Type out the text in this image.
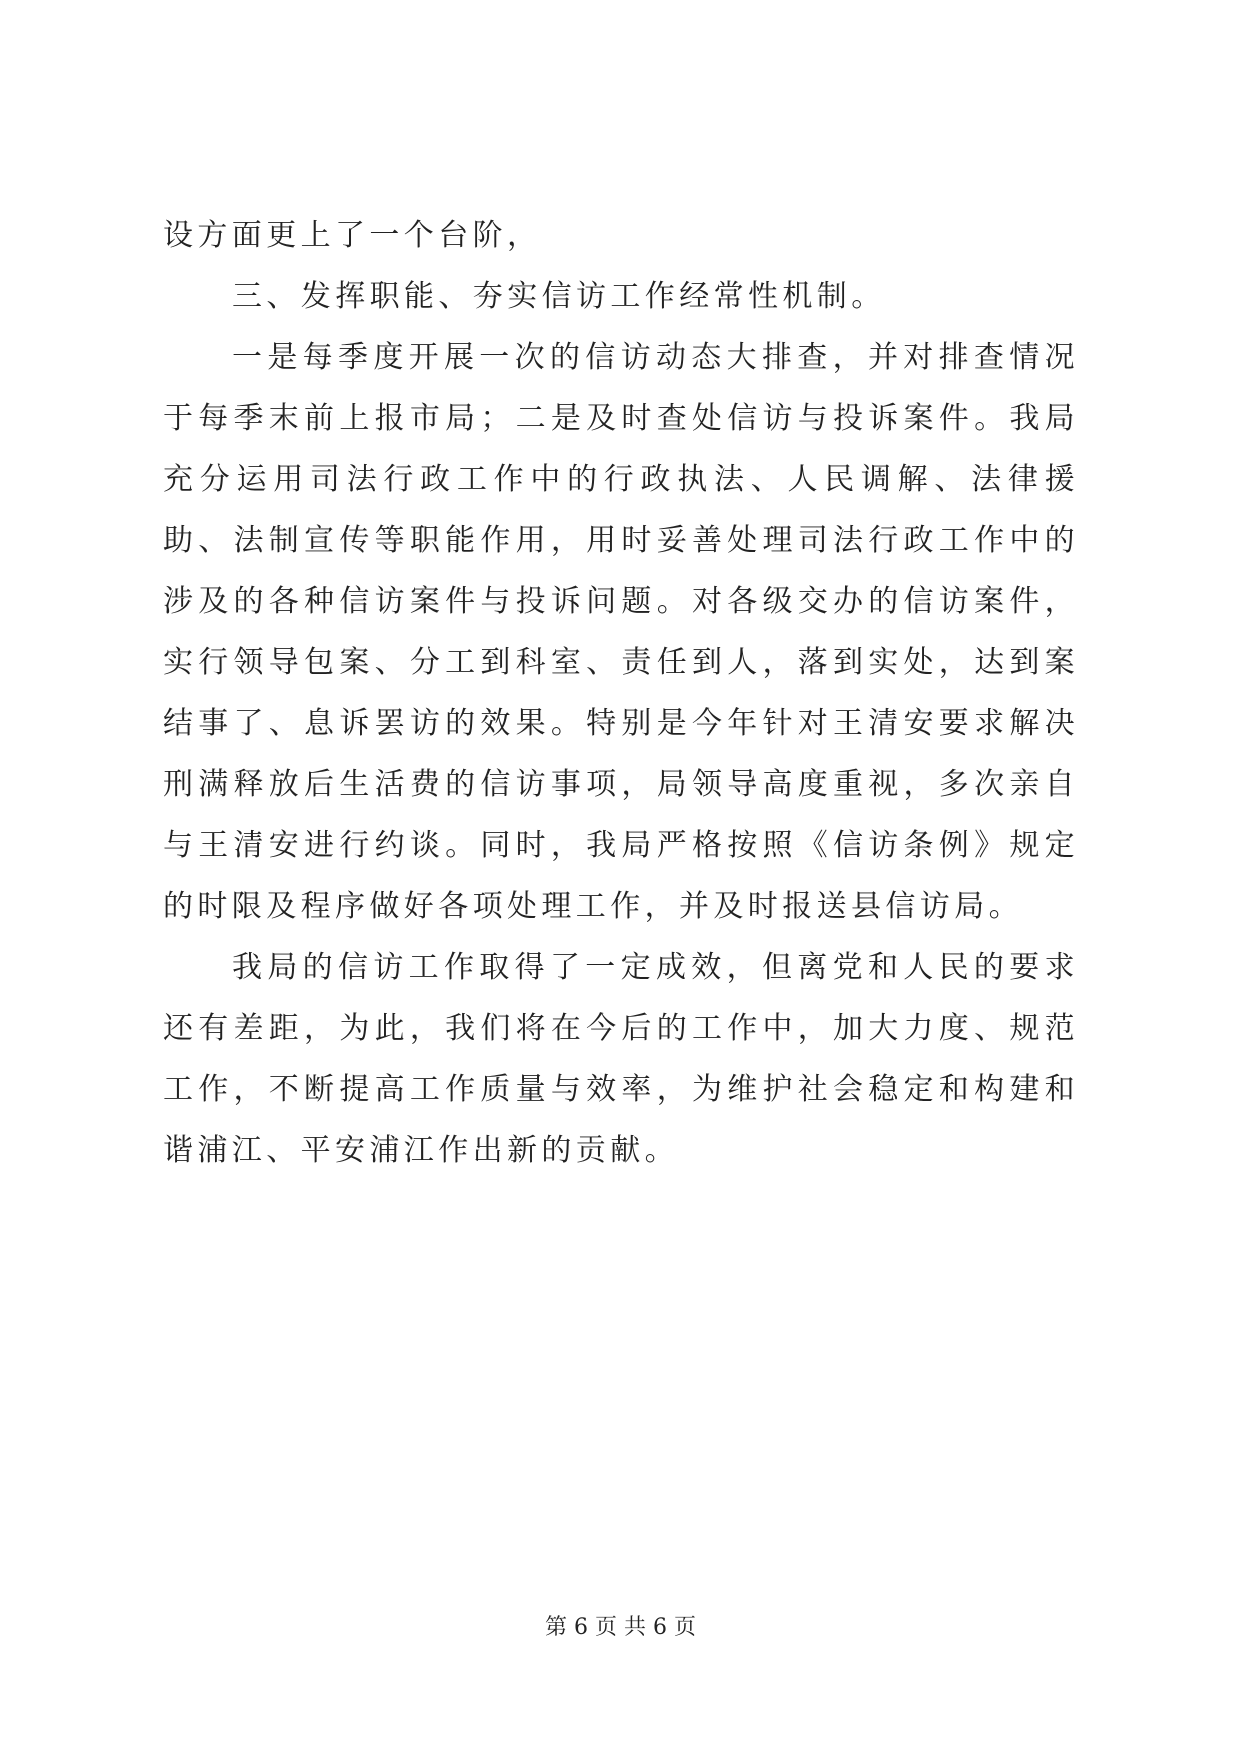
设方面更上了一个台阶，

三、发挥职能、夯实信访工作经常性机制。

一是每季度开展一次的信访动态大排查，并对排查情况于每季末前上报市局；二是及时查处信访与投诉案件。我局充分运用司法行政工作中的行政执法、人民调解、法律援助、法制宣传等职能作用，用时妥善处理司法行政工作中的涉及的各种信访案件与投诉问题。对各级交办的信访案件，实行领导包案、分工到科室、责任到人，落到实处，达到案结事了、息诉罢访的效果。特别是今年针对王清安要求解决刑满释放后生活费的信访事项，局领导高度重视，多次亲自与王清安进行约谈。同时，我局严格按照《信访条例》规定的时限及程序做好各项处理工作，并及时报送县信访局。

我局的信访工作取得了一定成效，但离党和人民的要求还有差距，为此，我们将在今后的工作中，加大力度、规范工作，不断提高工作质量与效率，为维护社会稳定和构建和谐浦江、平安浦江作出新的贡献。

第 6 页 共 6 页
